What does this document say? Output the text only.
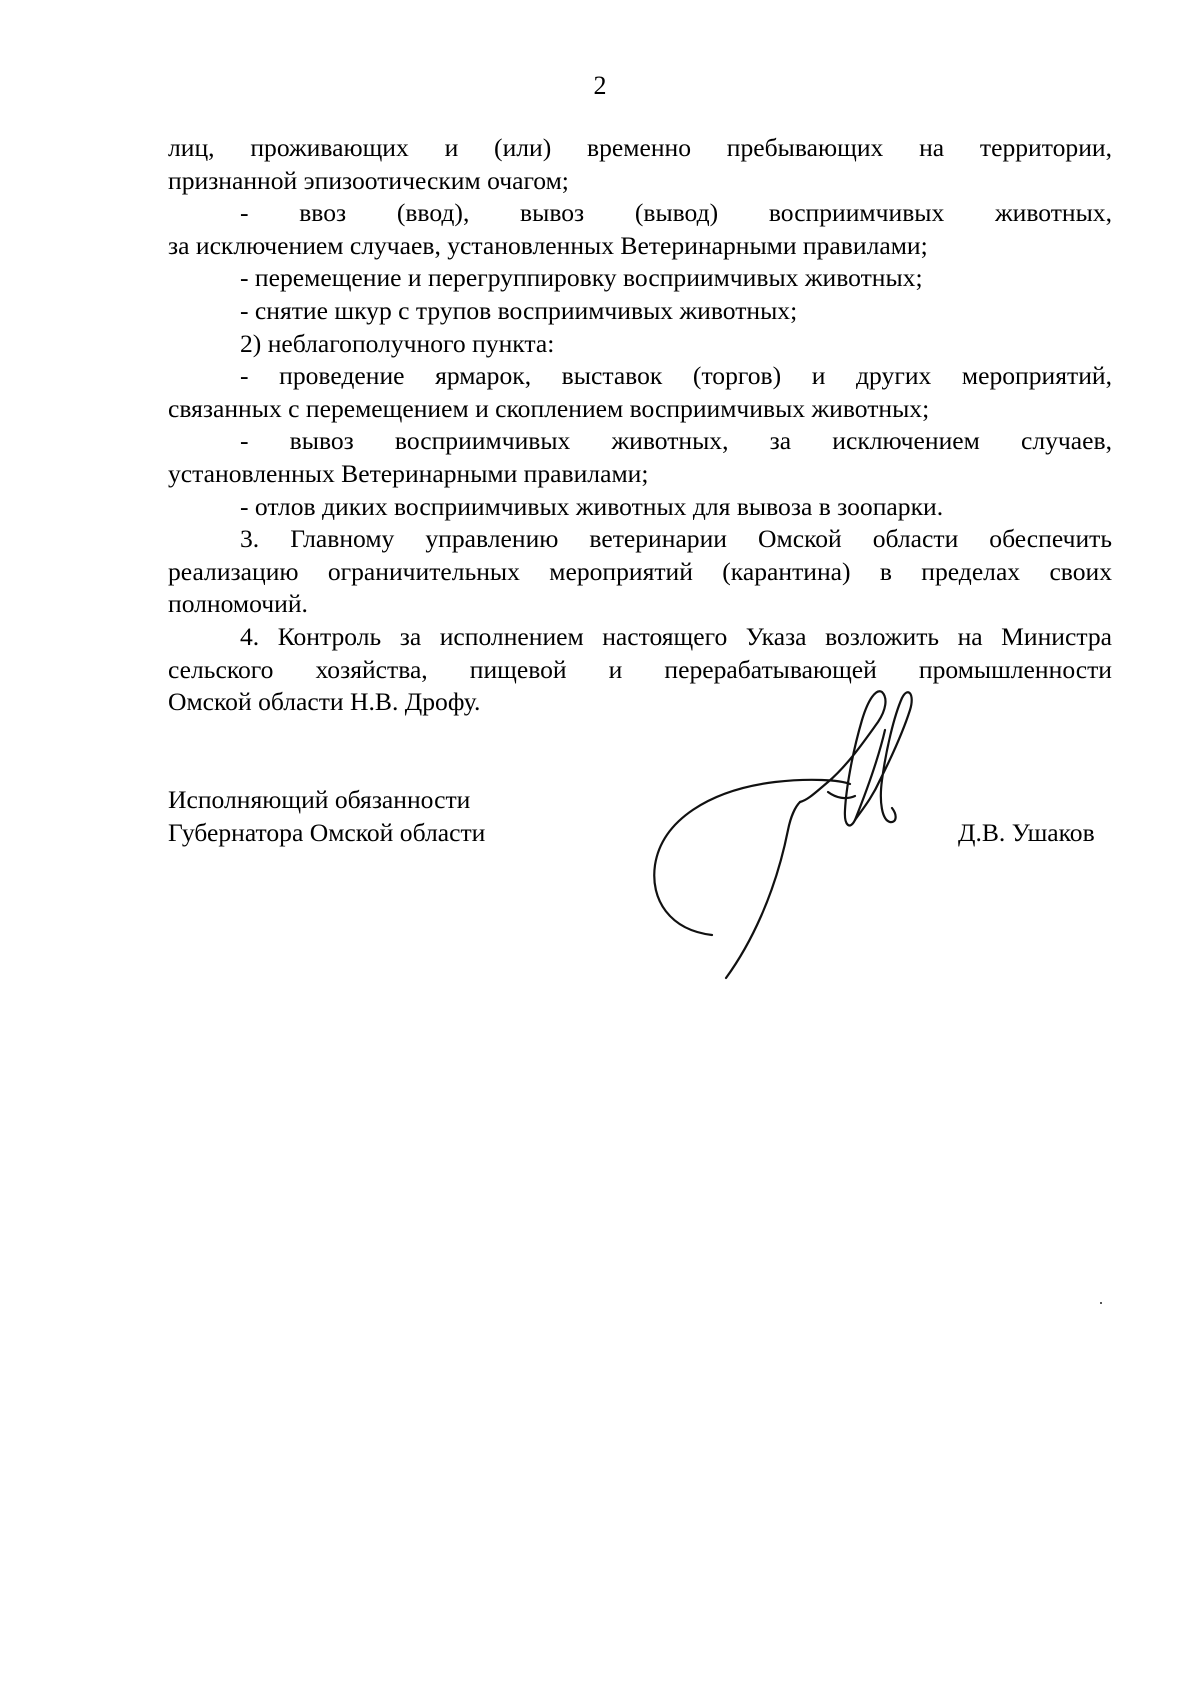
2
лиц, проживающих и (или) временно пребывающих на территории,
признанной эпизоотическим очагом;
- ввоз (ввод), вывоз (вывод) восприимчивых животных,
за исключением случаев, установленных Ветеринарными правилами;
- перемещение и перегруппировку восприимчивых животных;
- снятие шкур с трупов восприимчивых животных;
2) неблагополучного пункта:
- проведение ярмарок, выставок (торгов) и других мероприятий,
связанных с перемещением и скоплением восприимчивых животных;
- вывоз восприимчивых животных, за исключением случаев,
установленных Ветеринарными правилами;
- отлов диких восприимчивых животных для вывоза в зоопарки.
3. Главному управлению ветеринарии Омской области обеспечить
реализацию ограничительных мероприятий (карантина) в пределах своих
полномочий.
4. Контроль за исполнением настоящего Указа возложить на Министра
сельского хозяйства, пищевой и перерабатывающей промышленности
Омской области Н.В. Дрофу.
Исполняющий обязанности
Губернатора Омской области	Д.В. Ушаков
